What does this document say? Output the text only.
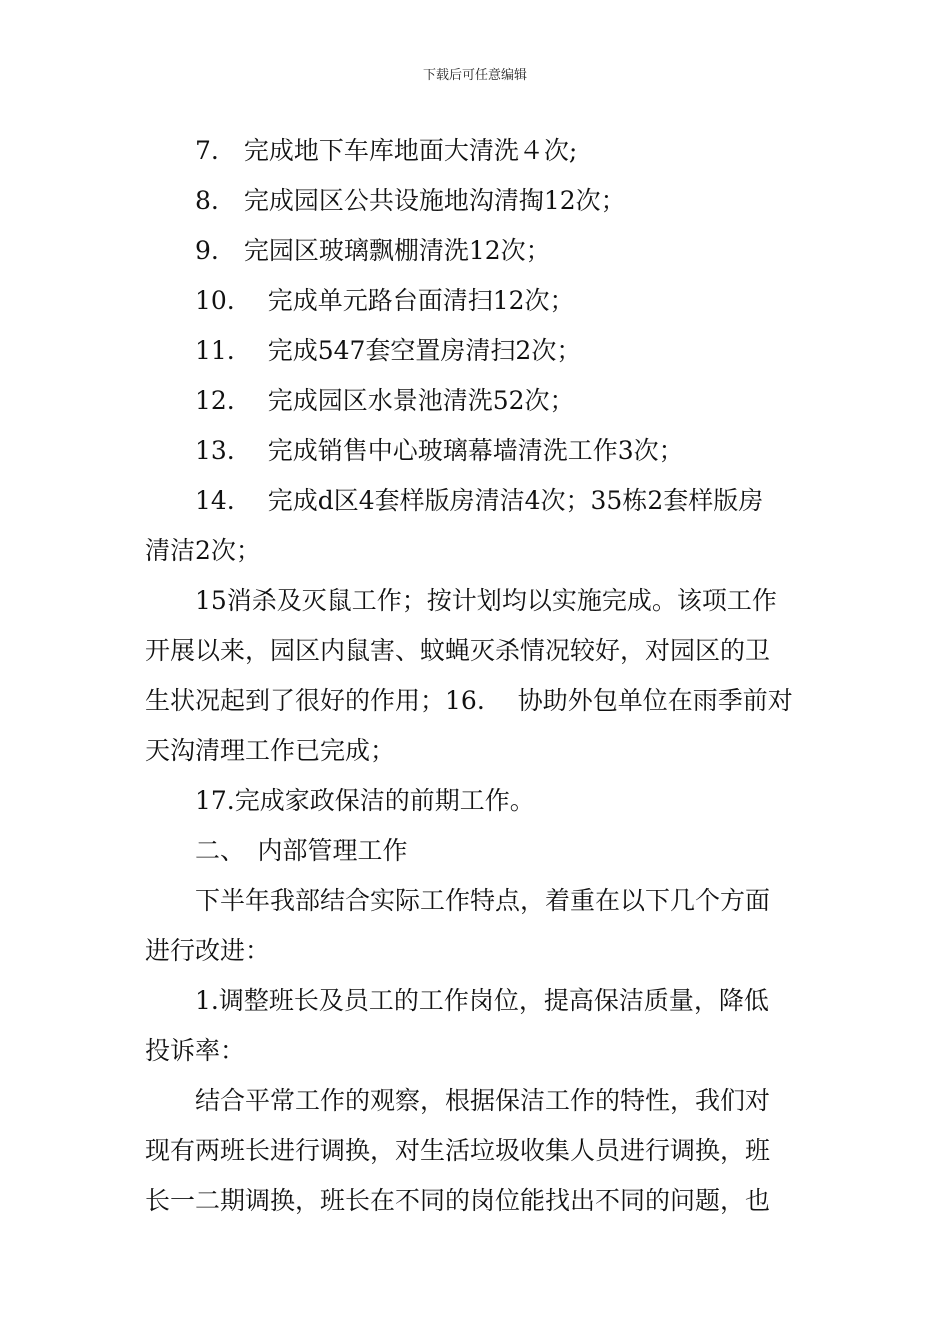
下载后可任意编辑
7.　完成地下车库地面大清洗４次;
8.　完成园区公共设施地沟清掏12次；
9.　完园区玻璃飘棚清洗12次；
10.　 完成单元路台面清扫12次；
11.　 完成547套空置房清扫2次；
12.　 完成园区水景池清洗52次；
13.　 完成销售中心玻璃幕墙清洗工作3次；
14.　 完成d区4套样版房清洁4次；35栋2套样版房
清洁2次；
15消杀及灭鼠工作；按计划均以实施完成。该项工作
开展以来，园区内鼠害、蚊蝇灭杀情况较好，对园区的卫
生状况起到了很好的作用；16.　 协助外包单位在雨季前对
天沟清理工作已完成；
17.完成家政保洁的前期工作。
二、　内部管理工作
下半年我部结合实际工作特点，着重在以下几个方面
进行改进：
1.调整班长及员工的工作岗位，提高保洁质量，降低
投诉率：
结合平常工作的观察，根据保洁工作的特性，我们对
现有两班长进行调换，对生活垃圾收集人员进行调换，班
长一二期调换，班长在不同的岗位能找出不同的问题，也
